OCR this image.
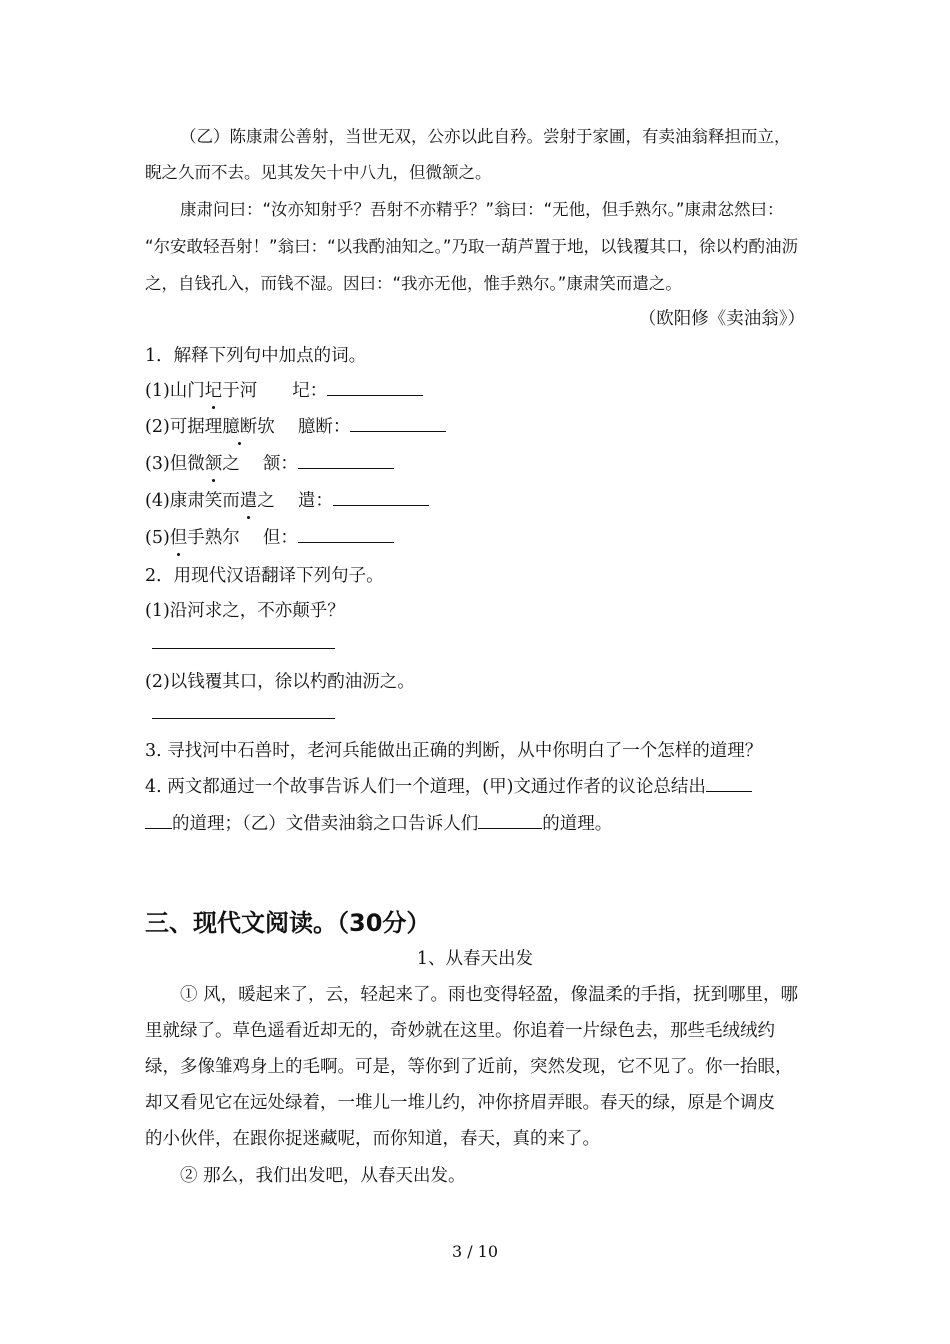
（乙）陈康肃公善射，当世无双，公亦以此自矜。尝射于家圃，有卖油翁释担而立，
睨之久而不去。见其发矢十中八九，但微颔之。
康肃问曰：“汝亦知射乎？吾射不亦精乎？”翁曰：“无他，但手熟尔。”康肃忿然曰：
“尔安敢轻吾射！”翁曰：“以我酌油知之。”乃取一葫芦置于地，以钱覆其口，徐以杓酌油沥
之，自钱孔入，而钱不湿。因曰：“我亦无他，惟手熟尔。”康肃笑而遣之。
（欧阳修《卖油翁》）
1．解释下列句中加点的词。
(1)山门圮于河　　圮：
(2)可据理臆断欤　 臆断：
(3)但微颔之　 颔：
(4)康肃笑而遣之　 遣：
(5)但手熟尔　 但：
2．用现代汉语翻译下列句子。
(1)沿河求之，不亦颠乎？
(2)以钱覆其口，徐以杓酌油沥之。
3. 寻找河中石兽时，老河兵能做出正确的判断，从中你明白了一个怎样的道理？
4. 两文都通过一个故事告诉人们一个道理，(甲)文通过作者的议论总结出
的道理；（乙）文借卖油翁之口告诉人们	的道理。
三、现代文阅读。（30分）
1、从春天出发
① 风，暖起来了，云，轻起来了。雨也变得轻盈，像温柔的手指，抚到哪里，哪
里就绿了。草色遥看近却无的，奇妙就在这里。你追着一片绿色去，那些毛绒绒约
绿，多像雏鸡身上的毛啊。可是，等你到了近前，突然发现，它不见了。你一抬眼，
却又看见它在远处绿着，一堆儿一堆儿约，冲你挤眉弄眼。春天的绿，原是个调皮
的小伙伴，在跟你捉迷藏呢，而你知道，春天，真的来了。
② 那么，我们出发吧，从春天出发。
3 / 10
